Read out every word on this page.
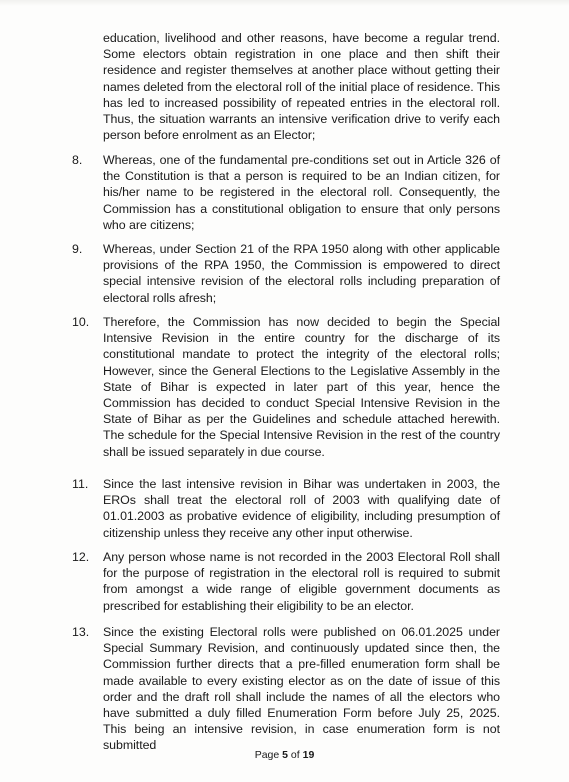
education, livelihood and other reasons, have become a regular trend. Some electors obtain registration in one place and then shift their residence and register themselves at another place without getting their names deleted from the electoral roll of the initial place of residence. This has led to increased possibility of repeated entries in the electoral roll. Thus, the situation warrants an intensive verification drive to verify each person before enrolment as an Elector;
8. Whereas, one of the fundamental pre-conditions set out in Article 326 of the Constitution is that a person is required to be an Indian citizen, for his/her name to be registered in the electoral roll. Consequently, the Commission has a constitutional obligation to ensure that only persons who are citizens;
9. Whereas, under Section 21 of the RPA 1950 along with other applicable provisions of the RPA 1950, the Commission is empowered to direct special intensive revision of the electoral rolls including preparation of electoral rolls afresh;
10. Therefore, the Commission has now decided to begin the Special Intensive Revision in the entire country for the discharge of its constitutional mandate to protect the integrity of the electoral rolls; However, since the General Elections to the Legislative Assembly in the State of Bihar is expected in later part of this year, hence the Commission has decided to conduct Special Intensive Revision in the State of Bihar as per the Guidelines and schedule attached herewith. The schedule for the Special Intensive Revision in the rest of the country shall be issued separately in due course.
11. Since the last intensive revision in Bihar was undertaken in 2003, the EROs shall treat the electoral roll of 2003 with qualifying date of 01.01.2003 as probative evidence of eligibility, including presumption of citizenship unless they receive any other input otherwise.
12. Any person whose name is not recorded in the 2003 Electoral Roll shall for the purpose of registration in the electoral roll is required to submit from amongst a wide range of eligible government documents as prescribed for establishing their eligibility to be an elector.
13. Since the existing Electoral rolls were published on 06.01.2025 under Special Summary Revision, and continuously updated since then, the Commission further directs that a pre-filled enumeration form shall be made available to every existing elector as on the date of issue of this order and the draft roll shall include the names of all the electors who have submitted a duly filled Enumeration Form before July 25, 2025. This being an intensive revision, in case enumeration form is not submitted
Page 5 of 19
